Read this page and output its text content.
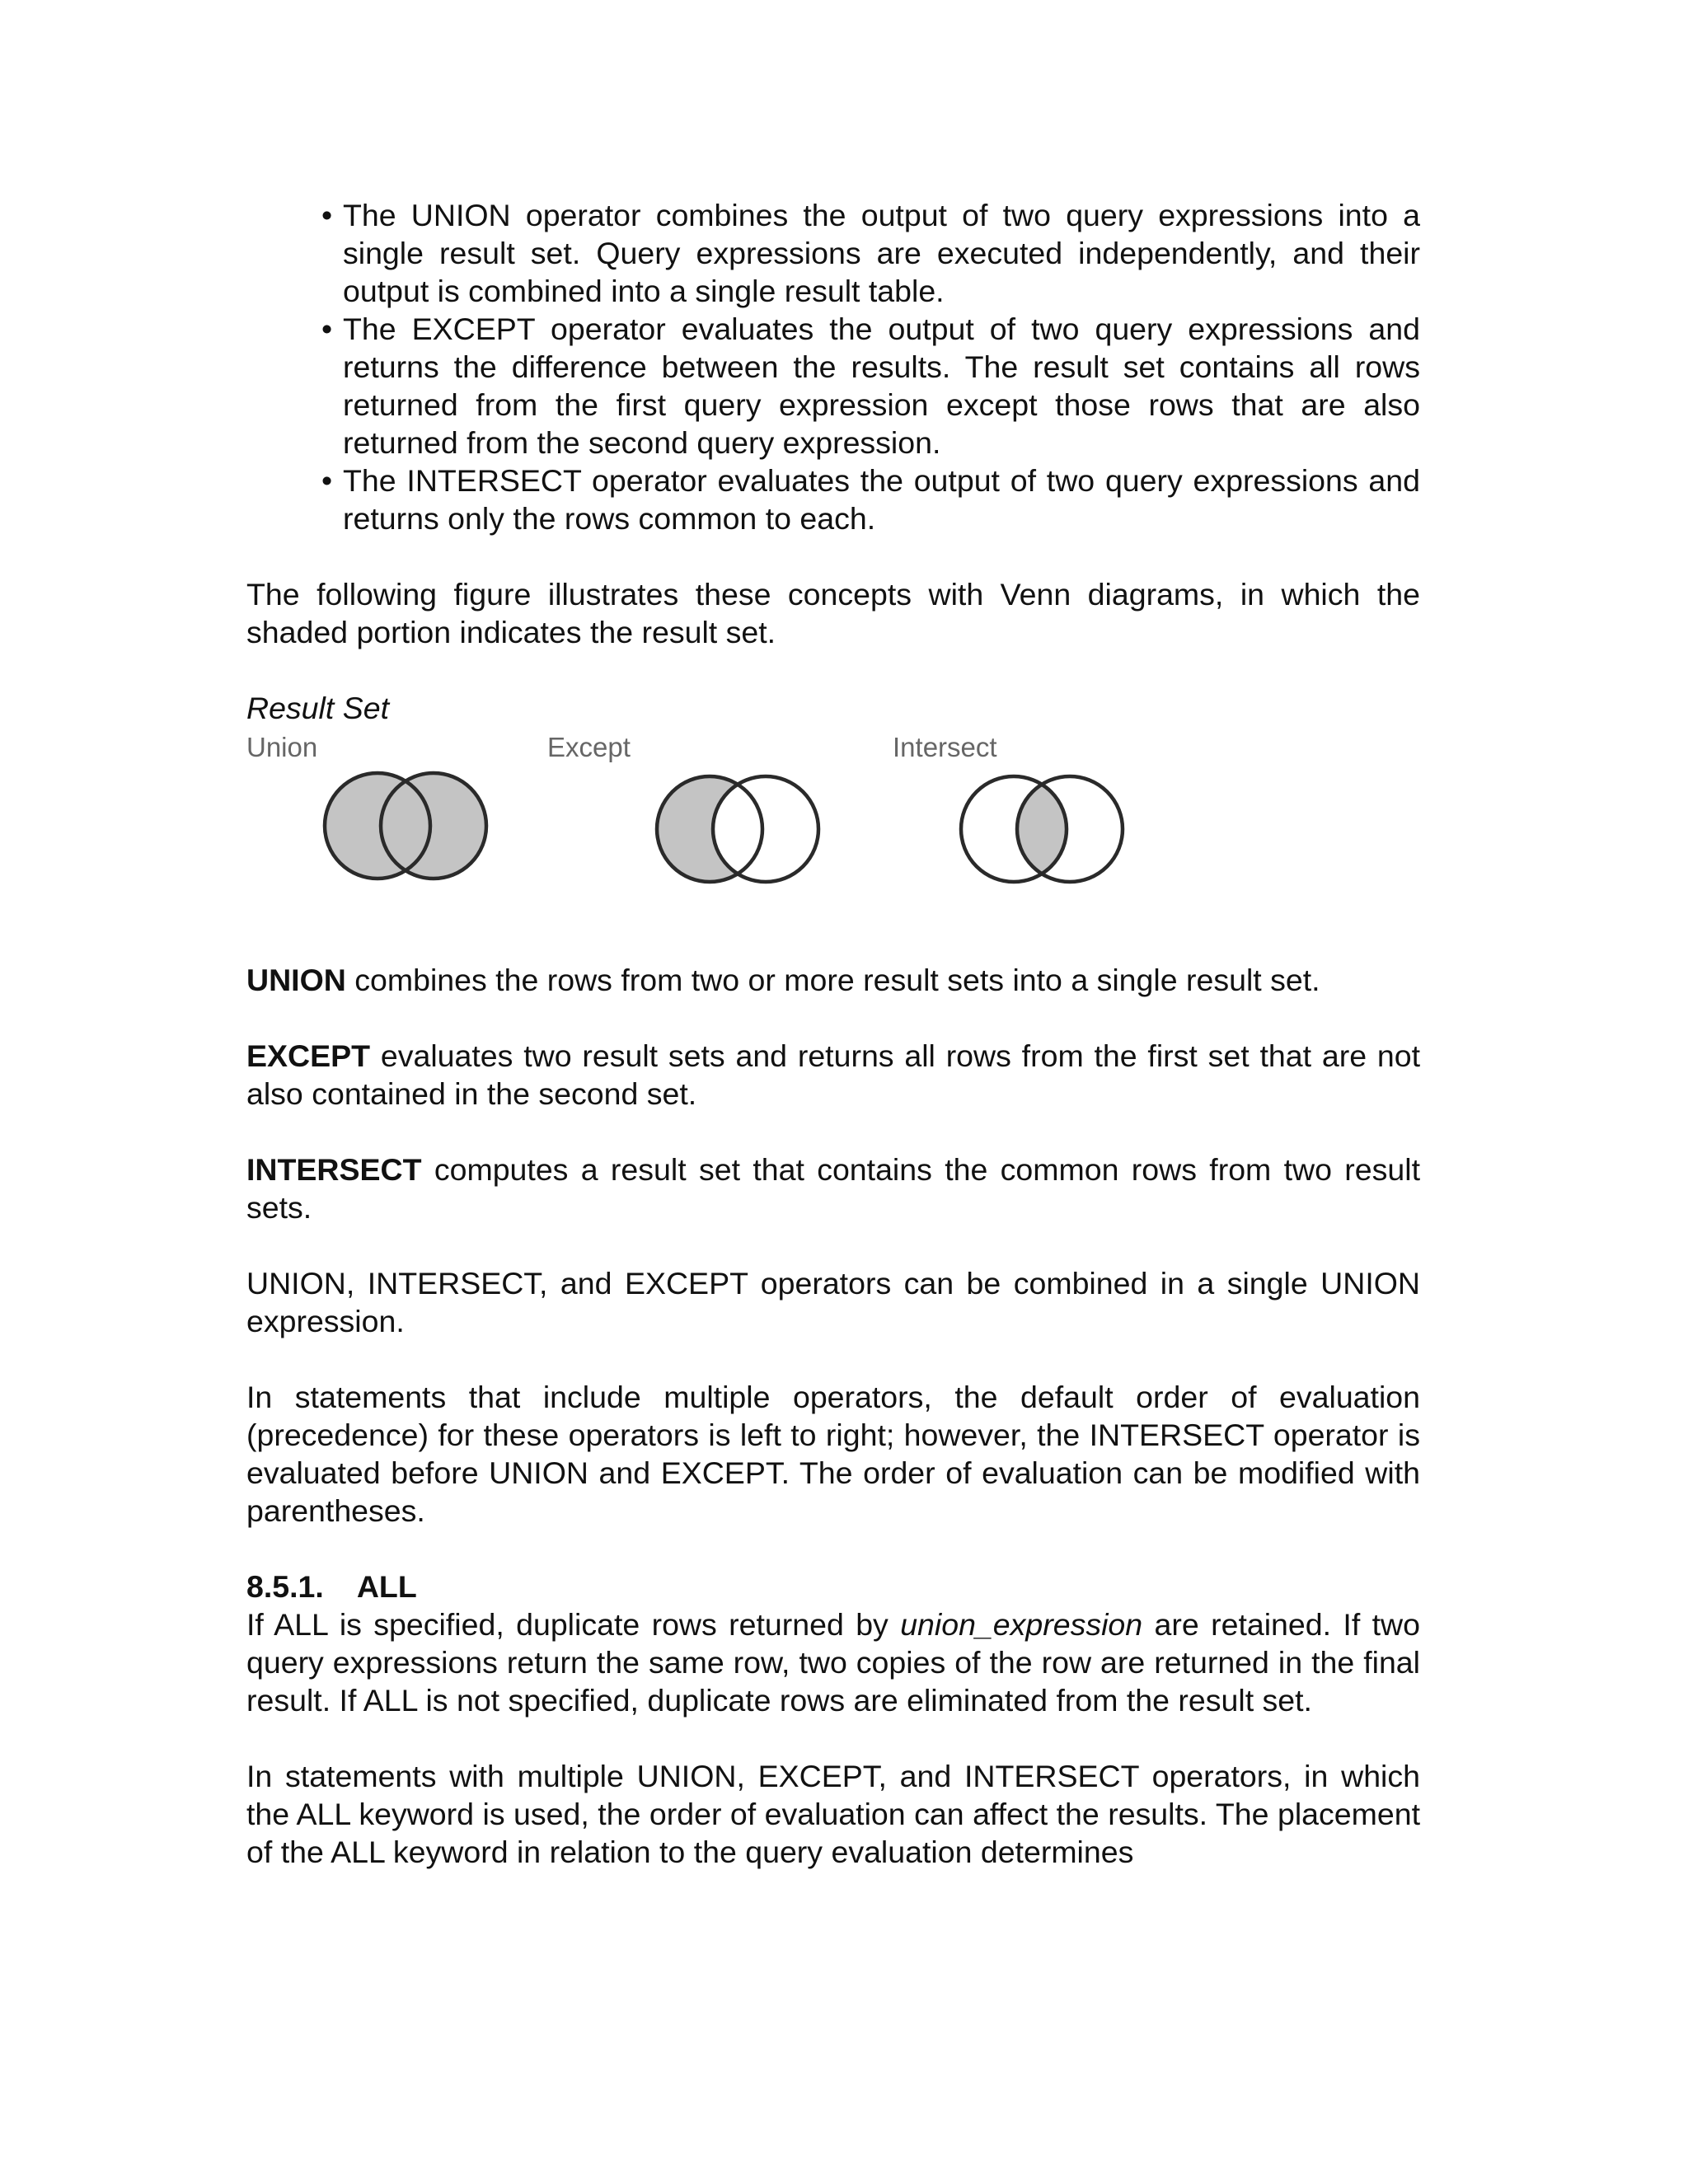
• The UNION operator combines the output of two query expressions into a single result set. Query expressions are executed independently, and their output is combined into a single result table.
• The EXCEPT operator evaluates the output of two query expressions and returns the difference between the results. The result set contains all rows returned from the first query expression except those rows that are also returned from the second query expression.
• The INTERSECT operator evaluates the output of two query expressions and returns only the rows common to each.

The following figure illustrates these concepts with Venn diagrams, in which the shaded portion indicates the result set.

Result Set
Union	Except	Intersect

UNION combines the rows from two or more result sets into a single result set.

EXCEPT evaluates two result sets and returns all rows from the first set that are not also contained in the second set.

INTERSECT computes a result set that contains the common rows from two result sets.

UNION, INTERSECT, and EXCEPT operators can be combined in a single UNION expression.

In statements that include multiple operators, the default order of evaluation (precedence) for these operators is left to right; however, the INTERSECT operator is evaluated before UNION and EXCEPT. The order of evaluation can be modified with parentheses.

8.5.1. ALL

If ALL is specified, duplicate rows returned by union_expression are retained. If two query expressions return the same row, two copies of the row are returned in the final result. If ALL is not specified, duplicate rows are eliminated from the result set.

In statements with multiple UNION, EXCEPT, and INTERSECT operators, in which the ALL keyword is used, the order of evaluation can affect the results. The placement of the ALL keyword in relation to the query evaluation determines
